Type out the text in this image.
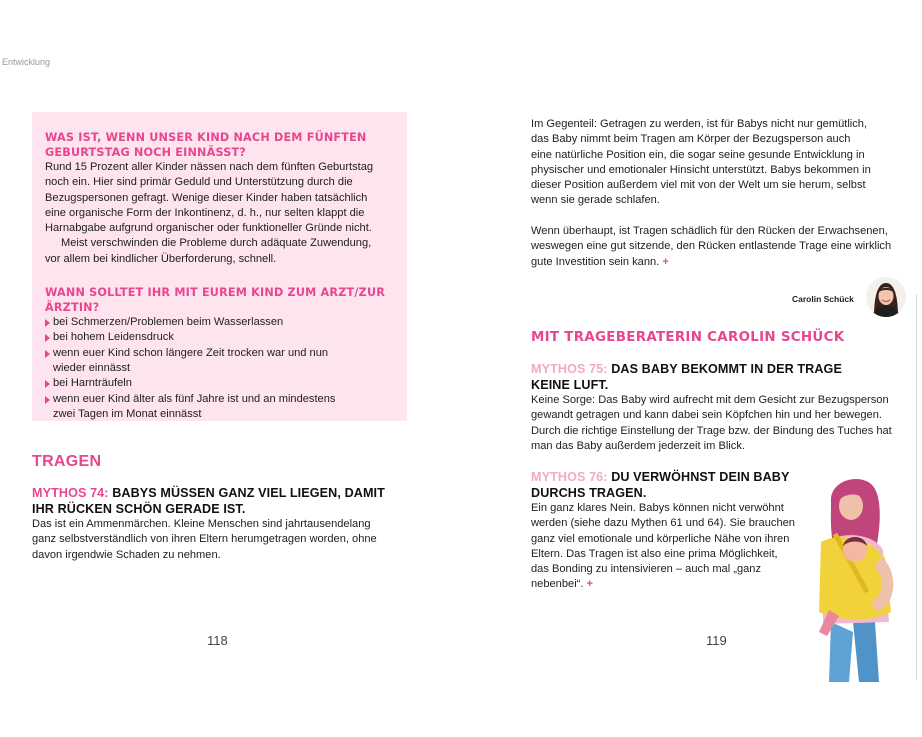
Entwicklung
WAS IST, WENN UNSER KIND NACH DEM FÜNFTEN GEBURTSTAG NOCH EINNÄSST?
Rund 15 Prozent aller Kinder nässen nach dem fünften Geburtstag
noch ein. Hier sind primär Geduld und Unterstützung durch die
Bezugspersonen gefragt. Wenige dieser Kinder haben tatsächlich
eine organische Form der Inkontinenz, d. h., nur selten klappt die
Harnabgabe aufgrund organischer oder funktioneller Gründe nicht.
Meist verschwinden die Probleme durch adäquate Zuwendung,
vor allem bei kindlicher Überforderung, schnell.
WANN SOLLTET IHR MIT EUREM KIND ZUM ARZT/ZUR ÄRZTIN?
bei Schmerzen/Problemen beim Wasserlassen
bei hohem Leidensdruck
wenn euer Kind schon längere Zeit trocken war und nun
wieder einnässt
bei Harnträufeln
wenn euer Kind älter als fünf Jahre ist und an mindestens
zwei Tagen im Monat einnässt
TRAGEN
MYTHOS 74: BABYS MÜSSEN GANZ VIEL LIEGEN, DAMIT
IHR RÜCKEN SCHÖN GERADE IST.
Das ist ein Ammenmärchen. Kleine Menschen sind jahrtausendelang
ganz selbstverständlich von ihren Eltern herumgetragen worden, ohne
davon irgendwie Schaden zu nehmen.
118
Im Gegenteil: Getragen zu werden, ist für Babys nicht nur gemütlich,
das Baby nimmt beim Tragen am Körper der Bezugsperson auch
eine natürliche Position ein, die sogar seine gesunde Entwicklung in
physischer und emotionaler Hinsicht unterstützt. Babys bekommen in
dieser Position außerdem viel mit von der Welt um sie herum, selbst
wenn sie gerade schlafen.
Wenn überhaupt, ist Tragen schädlich für den Rücken der Erwachsenen,
weswegen eine gut sitzende, den Rücken entlastende Trage eine wirklich
gute Investition sein kann. +
Carolin Schück
MIT TRAGEBERATERIN CAROLIN SCHÜCK
MYTHOS 75: DAS BABY BEKOMMT IN DER TRAGE
KEINE LUFT.
Keine Sorge: Das Baby wird aufrecht mit dem Gesicht zur Bezugsperson
gewandt getragen und kann dabei sein Köpfchen hin und her bewegen.
Durch die richtige Einstellung der Trage bzw. der Bindung des Tuches hat
man das Baby außerdem jederzeit im Blick.
MYTHOS 76: DU VERWÖHNST DEIN BABY
DURCHS TRAGEN.
Ein ganz klares Nein. Babys können nicht verwöhnt
werden (siehe dazu Mythen 61 und 64). Sie brauchen
ganz viel emotionale und körperliche Nähe von ihren
Eltern. Das Tragen ist also eine prima Möglichkeit,
das Bonding zu intensivieren – auch mal „ganz
nebenbei“. +
119
